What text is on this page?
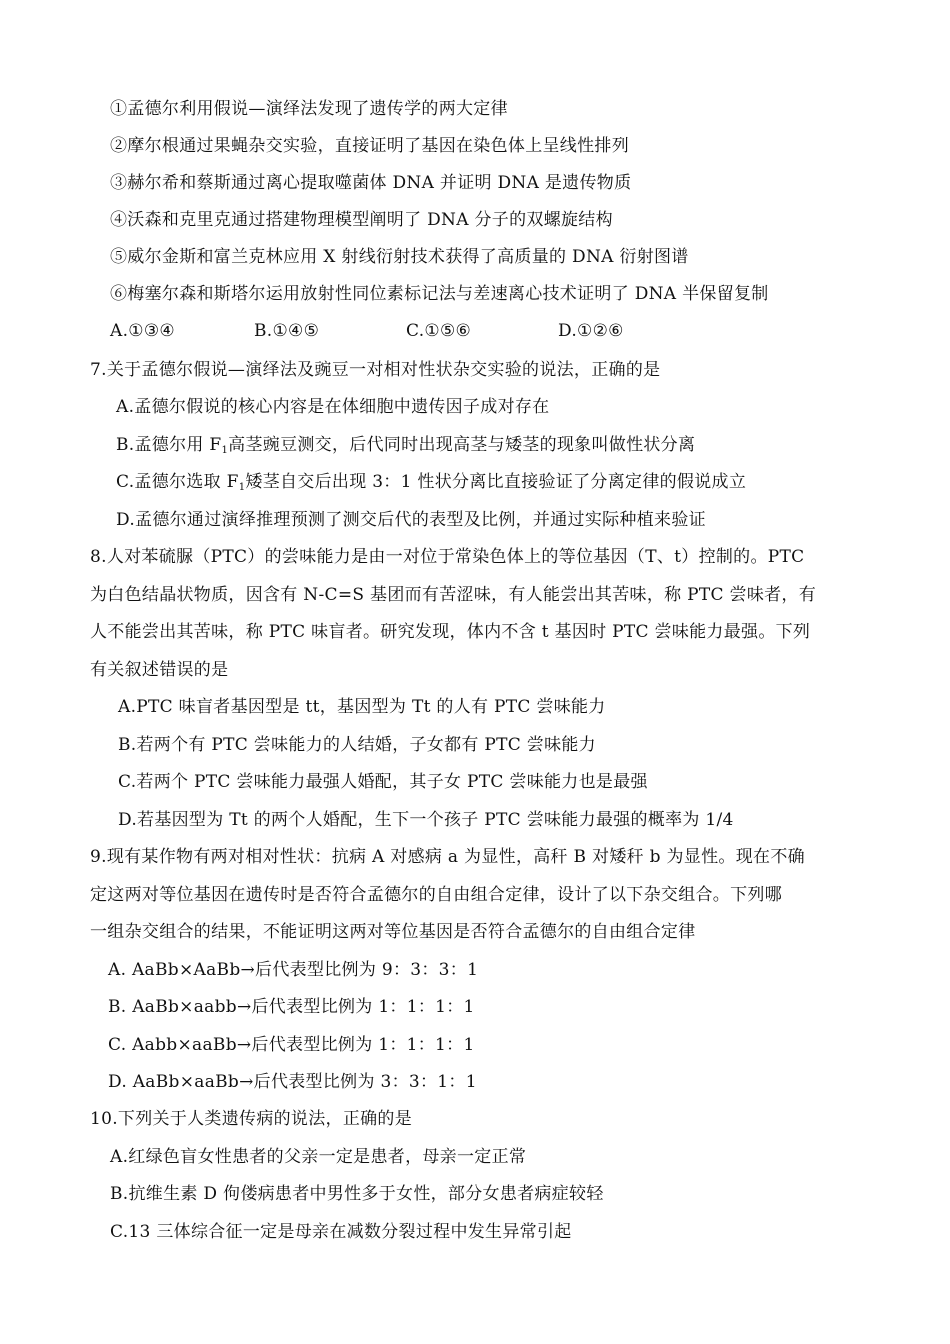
①孟德尔利用假说—演绎法发现了遗传学的两大定律
②摩尔根通过果蝇杂交实验，直接证明了基因在染色体上呈线性排列
③赫尔希和蔡斯通过离心提取噬菌体 DNA 并证明 DNA 是遗传物质
④沃森和克里克通过搭建物理模型阐明了 DNA 分子的双螺旋结构
⑤威尔金斯和富兰克林应用 X 射线衍射技术获得了高质量的 DNA 衍射图谱
⑥梅塞尔森和斯塔尔运用放射性同位素标记法与差速离心技术证明了 DNA 半保留复制
A.①③④	B.①④⑤	C.①⑤⑥	D.①②⑥
7.关于孟德尔假说—演绎法及豌豆一对相对性状杂交实验的说法，正确的是
A.孟德尔假说的核心内容是在体细胞中遗传因子成对存在
B.孟德尔用 $F_1$高茎豌豆测交，后代同时出现高茎与矮茎的现象叫做性状分离
C.孟德尔选取 $F_1$矮茎自交后出现 3：1 性状分离比直接验证了分离定律的假说成立
D.孟德尔通过演绎推理预测了测交后代的表型及比例，并通过实际种植来验证
8.人对苯硫脲（PTC）的尝味能力是由一对位于常染色体上的等位基因（T、t）控制的。PTC
为白色结晶状物质，因含有 N-C=S 基团而有苦涩味，有人能尝出其苦味，称 PTC 尝味者，有
人不能尝出其苦味，称 PTC 味盲者。研究发现，体内不含 t 基因时 PTC 尝味能力最强。下列
有关叙述错误的是
A.PTC 味盲者基因型是 tt，基因型为 Tt 的人有 PTC 尝味能力
B.若两个有 PTC 尝味能力的人结婚，子女都有 PTC 尝味能力
C.若两个 PTC 尝味能力最强人婚配，其子女 PTC 尝味能力也是最强
D.若基因型为 Tt 的两个人婚配，生下一个孩子 PTC 尝味能力最强的概率为 1/4
9.现有某作物有两对相对性状：抗病 A 对感病 a 为显性，高秆 B 对矮秆 b 为显性。现在不确
定这两对等位基因在遗传时是否符合孟德尔的自由组合定律，设计了以下杂交组合。下列哪
一组杂交组合的结果，不能证明这两对等位基因是否符合孟德尔的自由组合定律
A. AaBb×AaBb→后代表型比例为 9：3：3：1
B. AaBb×aabb→后代表型比例为 1：1：1：1
C. Aabb×aaBb→后代表型比例为 1：1：1：1
D. AaBb×aaBb→后代表型比例为 3：3：1：1
10.下列关于人类遗传病的说法，正确的是
A.红绿色盲女性患者的父亲一定是患者，母亲一定正常
B.抗维生素 D 佝偻病患者中男性多于女性，部分女患者病症较轻
C.13 三体综合征一定是母亲在减数分裂过程中发生异常引起
